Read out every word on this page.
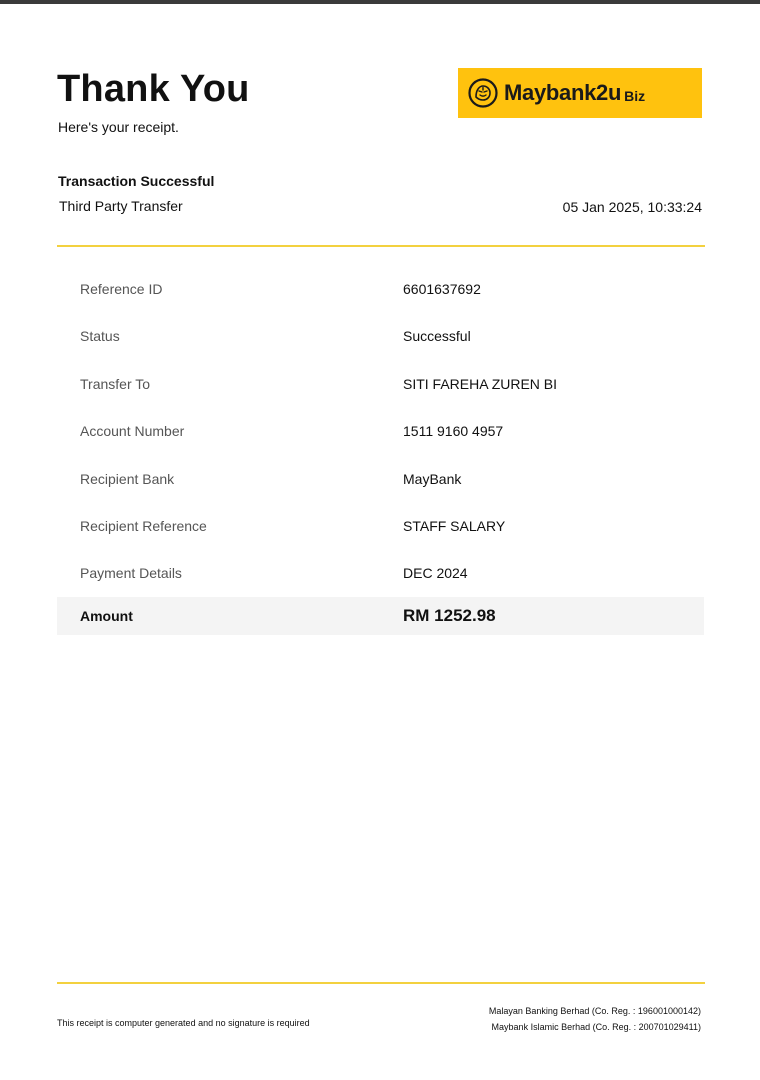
Thank You
Here's your receipt.
Maybank2u Biz
Transaction Successful
Third Party Transfer	05 Jan 2025, 10:33:24
Reference ID	6601637692
Status	Successful
Transfer To	SITI FAREHA ZUREN BI
Account Number	1511 9160 4957
Recipient Bank	MayBank
Recipient Reference	STAFF SALARY
Payment Details	DEC 2024
Amount	RM 1252.98
This receipt is computer generated and no signature is required
Malayan Banking Berhad (Co. Reg. : 196001000142)
Maybank Islamic Berhad (Co. Reg. : 200701029411)
